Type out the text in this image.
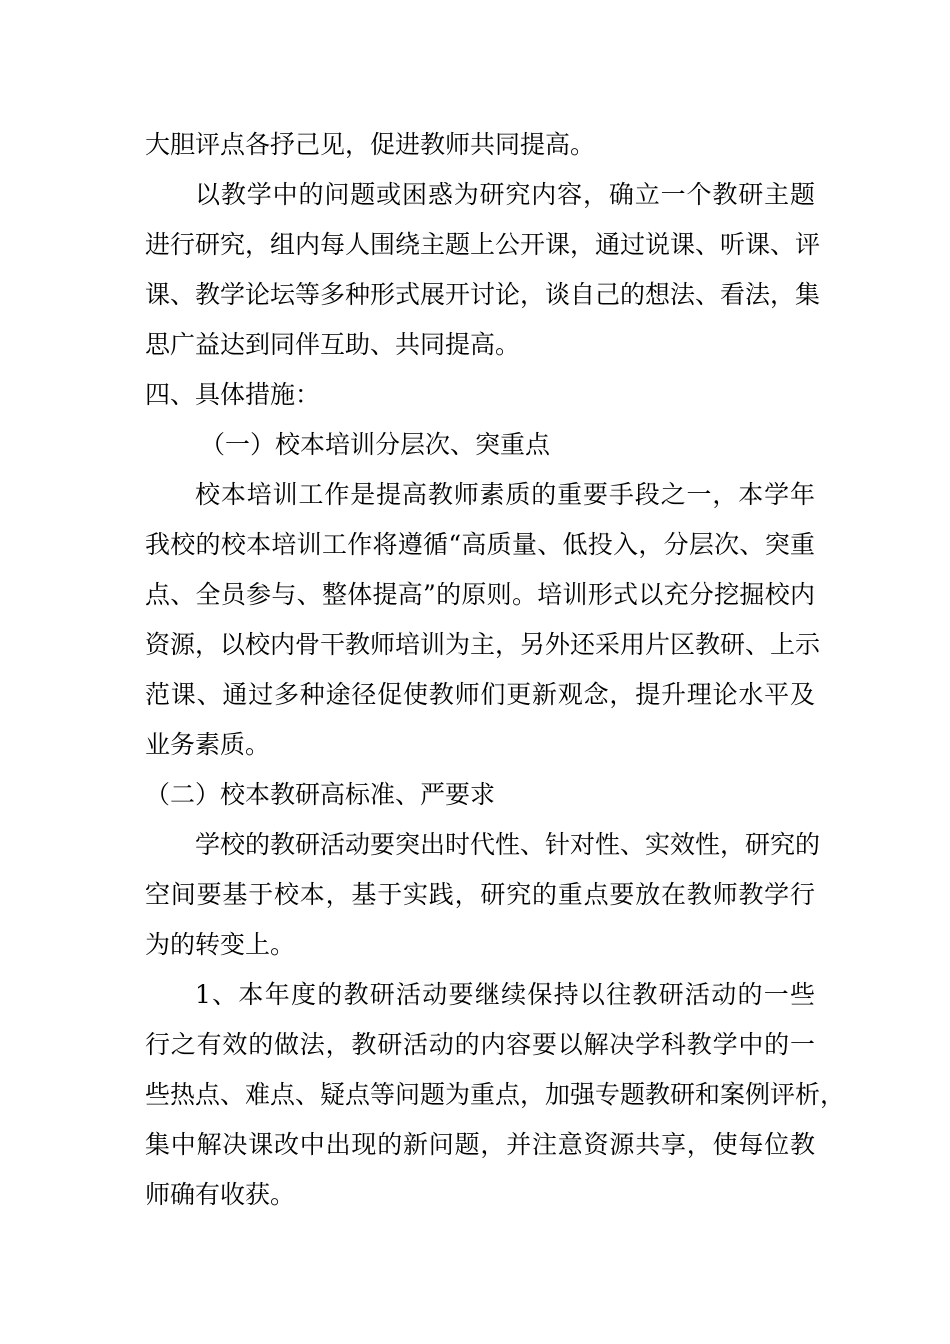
大胆评点各抒己见，促进教师共同提高。
以教学中的问题或困惑为研究内容，确立一个教研主题
进行研究，组内每人围绕主题上公开课，通过说课、听课、评
课、教学论坛等多种形式展开讨论，谈自己的想法、看法，集
思广益达到同伴互助、共同提高。
四、具体措施：
（一）校本培训分层次、突重点
校本培训工作是提高教师素质的重要手段之一，本学年
我校的校本培训工作将遵循“高质量、低投入，分层次、突重
点、全员参与、整体提高”的原则。培训形式以充分挖掘校内
资源，以校内骨干教师培训为主，另外还采用片区教研、上示
范课、通过多种途径促使教师们更新观念，提升理论水平及
业务素质。
（二）校本教研高标准、严要求
学校的教研活动要突出时代性、针对性、实效性，研究的
空间要基于校本，基于实践，研究的重点要放在教师教学行
为的转变上。
1、本年度的教研活动要继续保持以往教研活动的一些
行之有效的做法，教研活动的内容要以解决学科教学中的一
些热点、难点、疑点等问题为重点，加强专题教研和案例评析，
集中解决课改中出现的新问题，并注意资源共享，使每位教
师确有收获。
